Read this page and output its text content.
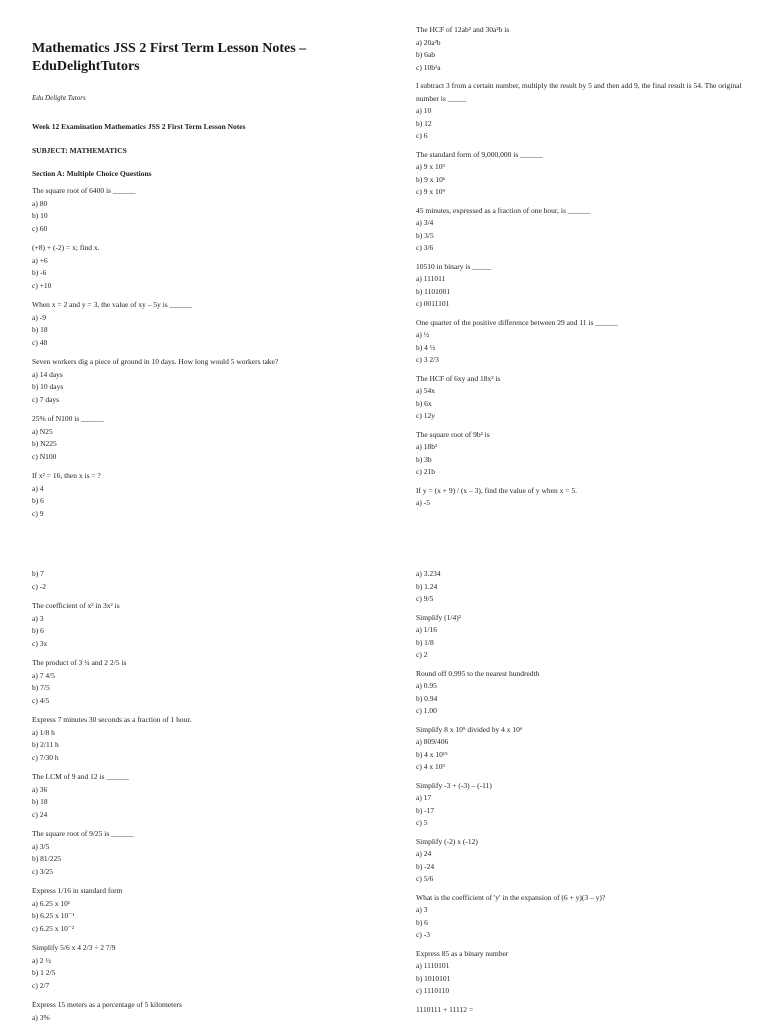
Mathematics JSS 2 First Term Lesson Notes – EduDelightTutors
Edu Delight Tutors
Week 12 Examination Mathematics JSS 2 First Term Lesson Notes
SUBJECT: MATHEMATICS
Section A: Multiple Choice Questions
The square root of 6400 is ______
a) 80
b) 10
c) 60
(+8) + (-2) = x; find x.
a) +6
b) -6
c) +10
When x = 2 and y = 3, the value of xy – 5y is ______
a) -9
b) 18
c) 48
Seven workers dig a piece of ground in 10 days. How long would 5 workers take?
a) 14 days
b) 10 days
c) 7 days
25% of N100 is ______
a) N25
b) N225
c) N100
If x² = 16, then x is = ?
a) 4
b) 6
c) 9
The HCF of 12ab² and 30a²b is
a) 20a²b
b) 6ab
c) 10b²a
I subtract 3 from a certain number, multiply the result by 5 and then add 9, the final result is 54. The original number is _____
a) 10
b) 12
c) 6
The standard form of 9,000,000 is ______
a) 9 x 10³
b) 9 x 10⁶
c) 9 x 10⁹
45 minutes, expressed as a fraction of one hour, is ______
a) 3/4
b) 3/5
c) 3/6
10510 in binary is _____
a) 111011
b) 1101001
c) 0011101
One quarter of the positive difference between 29 and 11 is ______
a) ½
b) 4 ½
c) 3 2/3
The HCF of 6xy and 18x² is
a) 54x
b) 6x
c) 12y
The square root of 9b² is
a) 18b²
b) 3b
c) 21b
If y = (x + 9) / (x – 3), find the value of y when x = 5.
a) -5
b) 7
c) -2
The coefficient of x² in 3x² is
a) 3
b) 6
c) 3x
The product of 3 ¼ and 2 2/5 is
a) 7 4/5
b) 7/5
c) 4/5
Express 7 minutes 30 seconds as a fraction of 1 hour.
a) 1/8 h
b) 2/11 h
c) 7/30 h
The LCM of 9 and 12 is ______
a) 36
b) 18
c) 24
The square root of 9/25 is ______
a) 3/5
b) 81/225
c) 3/25
Express 1/16 in standard form
a) 6.25 x 10¹
b) 6.25 x 10⁻¹
c) 6.25 x 10⁻²
Simplify 5/6 x 4 2/3 ÷ 2 7/9
a) 2 ½
b) 1 2/5
c) 2/7
Express 15 meters as a percentage of 5 kilometers
a) 3%
a) 3.234
b) 1.24
c) 9/5
Simplify (1/4)²
a) 1/16
b) 1/8
c) 2
Round off 0.995 to the nearest hundredth
a) 0.95
b) 0.94
c) 1.00
Simplify 8 x 10⁹ divided by 4 x 10⁶
a) 809/406
b) 4 x 10¹⁵
c) 4 x 10³
Simplify -3 + (-3) – (-11)
a) 17
b) -17
c) 5
Simplify (-2) x (-12)
a) 24
b) -24
c) 5/6
What is the coefficient of 'y' in the expansion of (6 + y)(3 – y)?
a) 3
b) 6
c) -3
Express 85 as a binary number
a) 1110101
b) 1010101
c) 1110110
1110111 + 11112 =
